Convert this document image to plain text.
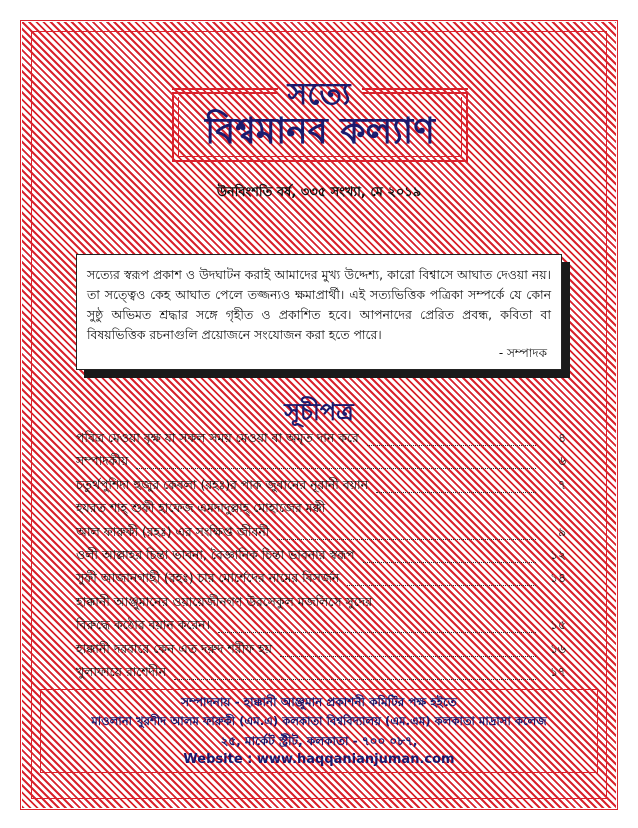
সত্যে
বিশ্বমানব কল্যাণ
উনবিংশতি বর্ষ, ৩৩৫ সংখ্যা, মে ২০১৯
সত্যের স্বরূপ প্রকাশ ও উদঘাটন করাই আমাদের মুখ্য উদ্দেশ্য, কারো বিশ্বাসে আঘাত দেওয়া নয়। তা সত্ত্বেও কেহ আঘাত পেলে তজ্জন্যও ক্ষমাপ্রার্থী। এই সত্যভিত্তিক পত্রিকা সম্পর্কে যে কোন সুষ্ঠু অভিমত শ্রদ্ধার সঙ্গে গৃহীত ও প্রকাশিত হবে। আপনাদের প্রেরিত প্রবন্ধ, কবিতা বা বিষয়ভিত্তিক রচনাগুলি প্রয়োজনে সংযোজন করা হতে পারে।
- সম্পাদক
সূচীপত্র
পবিত্র মেওয়া বৃক্ষ যা সকল সময় মেওয়া বা অমৃত দান করে	৪
সম্পাদকীয়	৬
চতুর্থপুশিদা হুজুর কেবলা (রহঃ)র পাক জুবানের নূরানী বয়ান	৭
হযরত শাহ্ শুফী হাফেজ এমদাদুল্লাহ্ মোহাজের মক্কী
আল ফারুকী (রহঃ) এর সংক্ষিপ্ত জীবনী	৯
ওলী আল্লাহর চিন্তা ভাবনা, বৈজ্ঞানিক চিন্তা ভাবনার স্বরূপ	১২
সুফী আজানগাছী (রহঃ) চার মোর্শেদের নামের বিসর্জন	১৪
হাক্কানী আঞ্জুমানের ওয়ায়েজীনগণ উরসেকুল মজলিসে সুদের
বিরুদ্ধে কঠোর বয়ান করেন।	১৫
হাক্কানী দরবারে কেন এত দরুদ শরীফ হয়	১৬
খুলাফায়ে রাশেদীন	১৭
সম্পাদনায় - হাক্কানী আঞ্জুমান প্রকাশনী কমিটির পক্ষ হইতে
মাওলানা খুরশীদ আলম ফারুকী (এম.এ) কলকাতা বিশ্ববিদ্যালয় (এম.এম) কলকাতা মাদ্রাসা কলেজ
২৫, মার্কেট স্ট্রীট, কলকাতা - ৭০০ ০৮৭,
Website : www.haqqanianjuman.com
